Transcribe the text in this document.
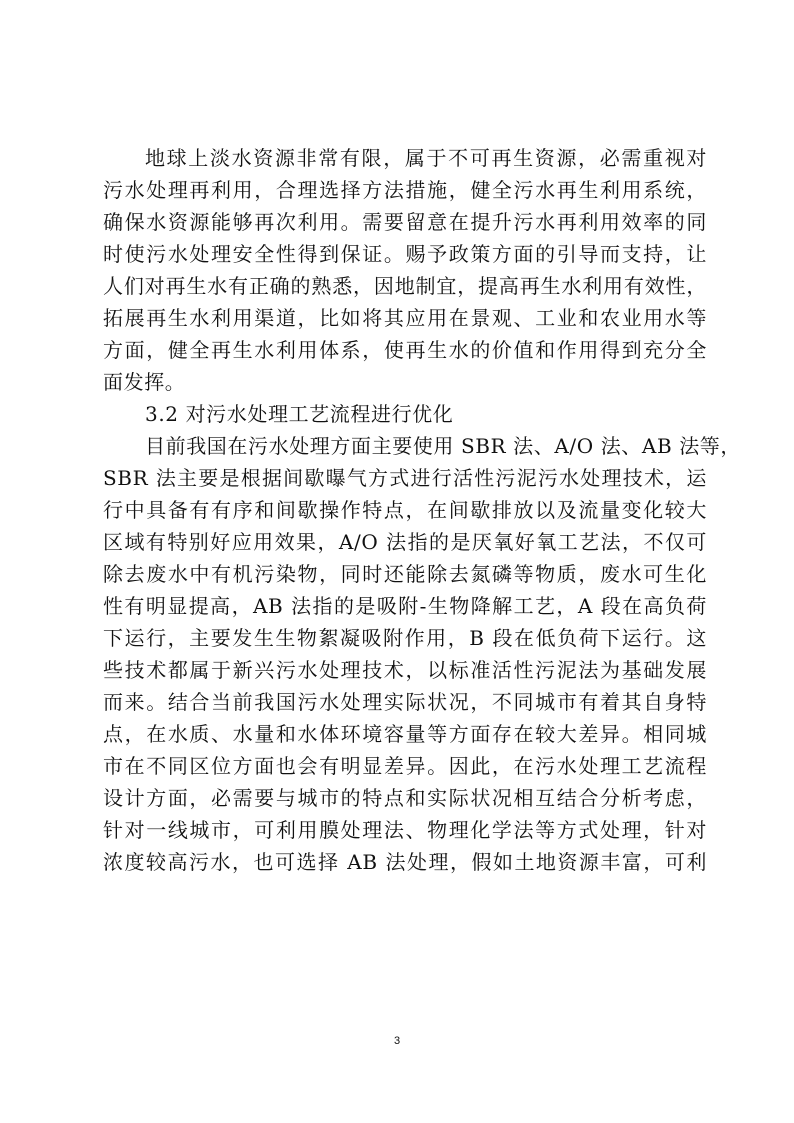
地球上淡水资源非常有限，属于不可再生资源，必需重视对
污水处理再利用，合理选择方法措施，健全污水再生利用系统，
确保水资源能够再次利用。需要留意在提升污水再利用效率的同
时使污水处理安全性得到保证。赐予政策方面的引导而支持，让
人们对再生水有正确的熟悉，因地制宜，提高再生水利用有效性，
拓展再生水利用渠道，比如将其应用在景观、工业和农业用水等
方面，健全再生水利用体系，使再生水的价值和作用得到充分全
面发挥。
3.2 对污水处理工艺流程进行优化
目前我国在污水处理方面主要使用 SBR 法、A/O 法、AB 法等，
SBR 法主要是根据间歇曝气方式进行活性污泥污水处理技术，运
行中具备有有序和间歇操作特点，在间歇排放以及流量变化较大
区域有特别好应用效果，A/O 法指的是厌氧好氧工艺法，不仅可
除去废水中有机污染物，同时还能除去氮磷等物质，废水可生化
性有明显提高，AB 法指的是吸附-生物降解工艺，A 段在高负荷
下运行，主要发生生物絮凝吸附作用，B 段在低负荷下运行。这
些技术都属于新兴污水处理技术，以标准活性污泥法为基础发展
而来。结合当前我国污水处理实际状况，不同城市有着其自身特
点，在水质、水量和水体环境容量等方面存在较大差异。相同城
市在不同区位方面也会有明显差异。因此，在污水处理工艺流程
设计方面，必需要与城市的特点和实际状况相互结合分析考虑，
针对一线城市，可利用膜处理法、物理化学法等方式处理，针对
浓度较高污水，也可选择 AB 法处理，假如土地资源丰富，可利
3
